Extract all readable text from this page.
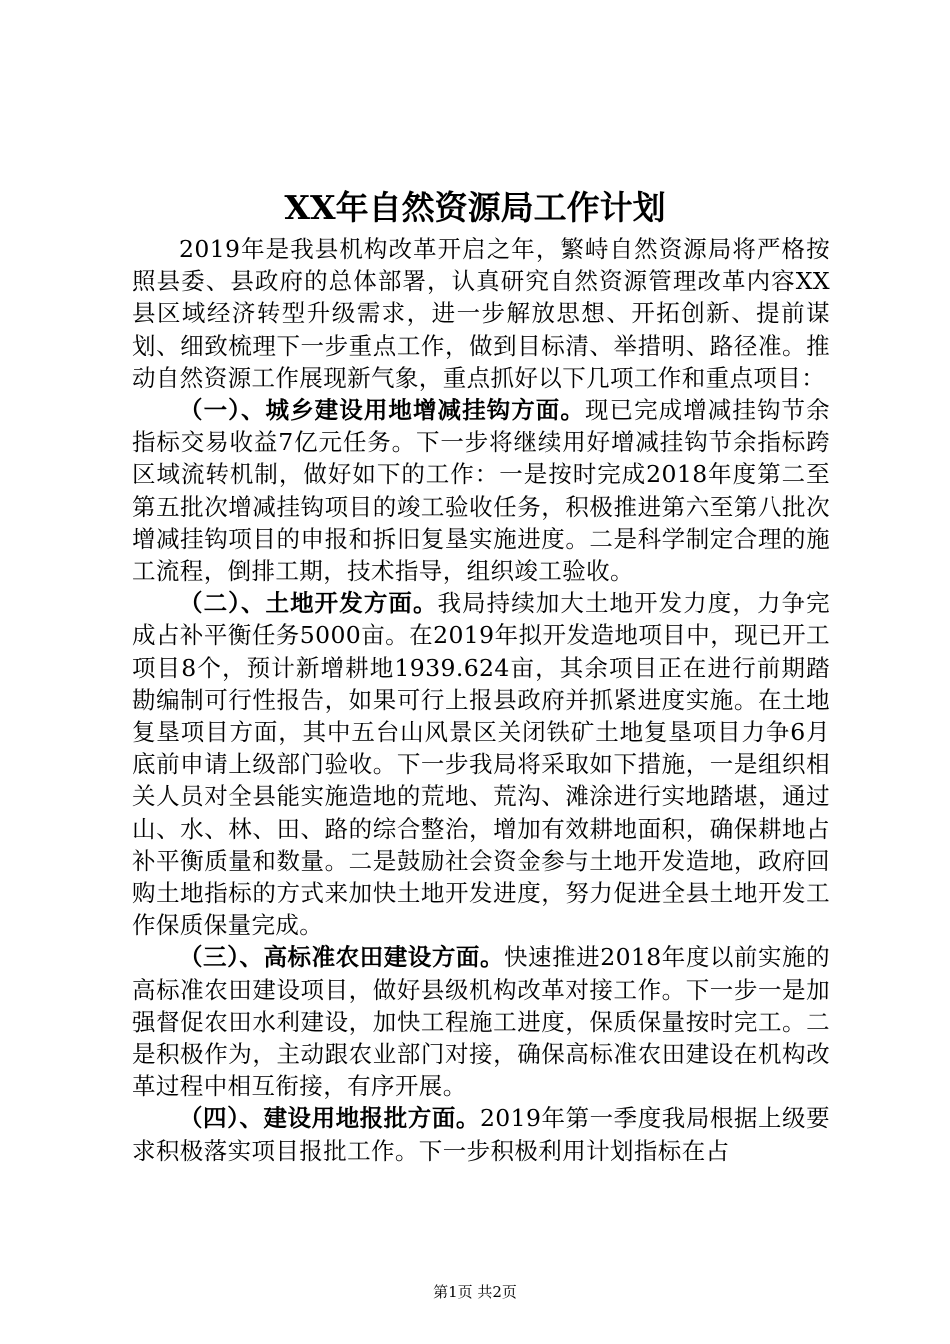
XX年自然资源局工作计划

2019年是我县机构改革开启之年，繁峙自然资源局将严格按照县委、县政府的总体部署，认真研究自然资源管理改革内容XX县区域经济转型升级需求，进一步解放思想、开拓创新、提前谋划、细致梳理下一步重点工作，做到目标清、举措明、路径准。推动自然资源工作展现新气象，重点抓好以下几项工作和重点项目：

（一）、城乡建设用地增减挂钩方面。现已完成增减挂钩节余指标交易收益7亿元任务。下一步将继续用好增减挂钩节余指标跨区域流转机制，做好如下的工作：一是按时完成2018年度第二至第五批次增减挂钩项目的竣工验收任务，积极推进第六至第八批次增减挂钩项目的申报和拆旧复垦实施进度。二是科学制定合理的施工流程，倒排工期，技术指导，组织竣工验收。

（二）、土地开发方面。我局持续加大土地开发力度，力争完成占补平衡任务5000亩。在2019年拟开发造地项目中，现已开工项目8个，预计新增耕地1939.624亩，其余项目正在进行前期踏勘编制可行性报告，如果可行上报县政府并抓紧进度实施。在土地复垦项目方面，其中五台山风景区关闭铁矿土地复垦项目力争6月底前申请上级部门验收。下一步我局将采取如下措施，一是组织相关人员对全县能实施造地的荒地、荒沟、滩涂进行实地踏堪，通过山、水、林、田、路的综合整治，增加有效耕地面积，确保耕地占补平衡质量和数量。二是鼓励社会资金参与土地开发造地，政府回购土地指标的方式来加快土地开发进度，努力促进全县土地开发工作保质保量完成。

（三）、高标准农田建设方面。快速推进2018年度以前实施的高标准农田建设项目，做好县级机构改革对接工作。下一步一是加强督促农田水利建设，加快工程施工进度，保质保量按时完工。二是积极作为，主动跟农业部门对接，确保高标准农田建设在机构改革过程中相互衔接，有序开展。

（四）、建设用地报批方面。2019年第一季度我局根据上级要求积极落实项目报批工作。下一步积极利用计划指标在占

第1页 共2页
